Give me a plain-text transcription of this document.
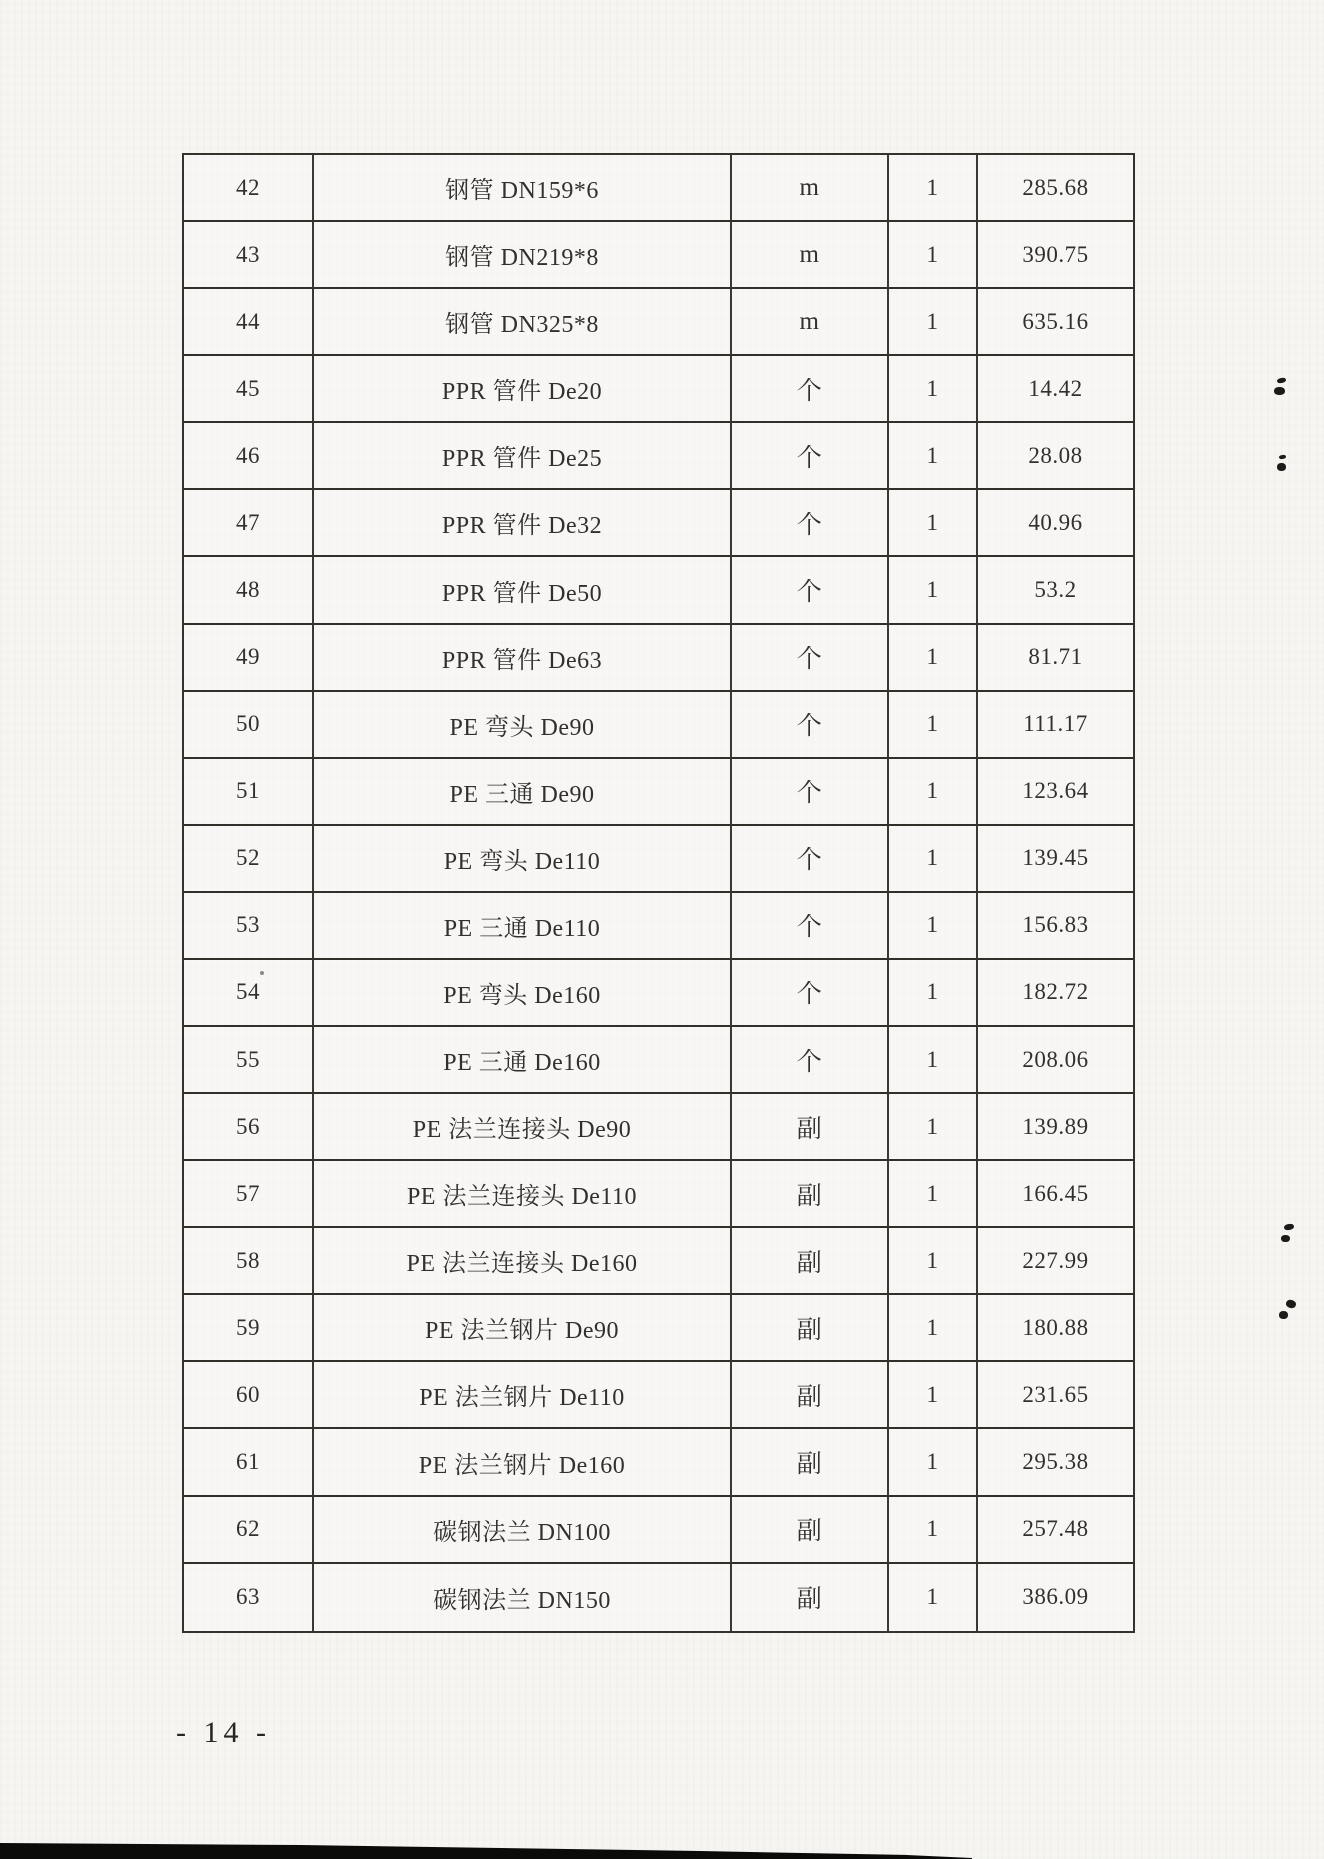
42	钢管 DN159*6	m	1	285.68
43	钢管 DN219*8	m	1	390.75
44	钢管 DN325*8	m	1	635.16
45	PPR 管件 De20	个	1	14.42
46	PPR 管件 De25	个	1	28.08
47	PPR 管件 De32	个	1	40.96
48	PPR 管件 De50	个	1	53.2
49	PPR 管件 De63	个	1	81.71
50	PE 弯头 De90	个	1	111.17
51	PE 三通 De90	个	1	123.64
52	PE 弯头 De110	个	1	139.45
53	PE 三通 De110	个	1	156.83
54	PE 弯头 De160	个	1	182.72
55	PE 三通 De160	个	1	208.06
56	PE 法兰连接头 De90	副	1	139.89
57	PE 法兰连接头 De110	副	1	166.45
58	PE 法兰连接头 De160	副	1	227.99
59	PE 法兰钢片 De90	副	1	180.88
60	PE 法兰钢片 De110	副	1	231.65
61	PE 法兰钢片 De160	副	1	295.38
62	碳钢法兰 DN100	副	1	257.48
63	碳钢法兰 DN150	副	1	386.09
- 14 -
